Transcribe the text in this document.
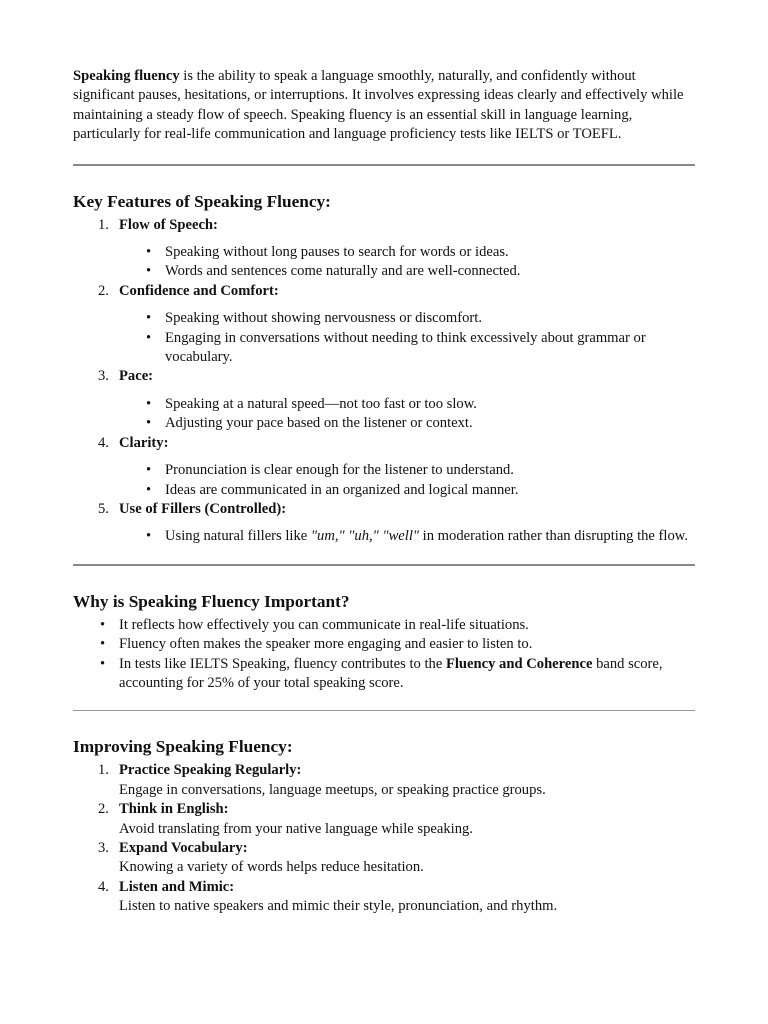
Speaking fluency is the ability to speak a language smoothly, naturally, and confidently without significant pauses, hesitations, or interruptions. It involves expressing ideas clearly and effectively while maintaining a steady flow of speech. Speaking fluency is an essential skill in language learning, particularly for real-life communication and language proficiency tests like IELTS or TOEFL.

Key Features of Speaking Fluency:
1. Flow of Speech:
• Speaking without long pauses to search for words or ideas.
• Words and sentences come naturally and are well-connected.
2. Confidence and Comfort:
• Speaking without showing nervousness or discomfort.
• Engaging in conversations without needing to think excessively about grammar or vocabulary.
3. Pace:
• Speaking at a natural speed—not too fast or too slow.
• Adjusting your pace based on the listener or context.
4. Clarity:
• Pronunciation is clear enough for the listener to understand.
• Ideas are communicated in an organized and logical manner.
5. Use of Fillers (Controlled):
• Using natural fillers like "um," "uh," "well" in moderation rather than disrupting the flow.
Why is Speaking Fluency Important?
• It reflects how effectively you can communicate in real-life situations.
• Fluency often makes the speaker more engaging and easier to listen to.
• In tests like IELTS Speaking, fluency contributes to the Fluency and Coherence band score, accounting for 25% of your total speaking score.
Improving Speaking Fluency:
1. Practice Speaking Regularly:
Engage in conversations, language meetups, or speaking practice groups.
2. Think in English:
Avoid translating from your native language while speaking.
3. Expand Vocabulary:
Knowing a variety of words helps reduce hesitation.
4. Listen and Mimic:
Listen to native speakers and mimic their style, pronunciation, and rhythm.
